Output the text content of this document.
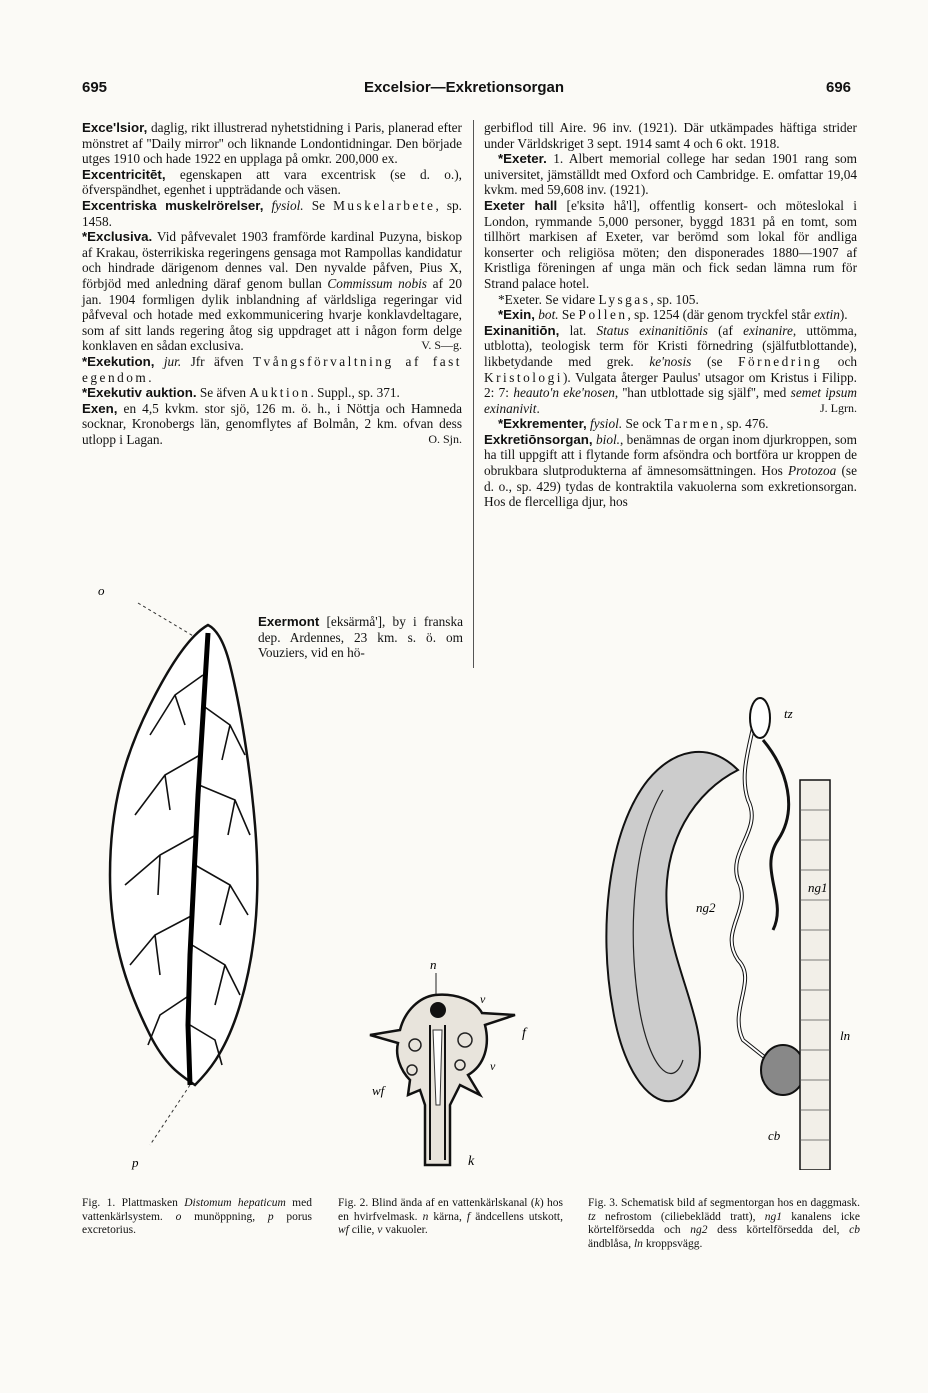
695	Excelsior—Exkretionsorgan	696

Exce'lsior, daglig, rikt illustrerad nyhetstidning i Paris, planerad efter mönstret af ''Daily mirror'' och liknande Londontidningar. Den började utges 1910 och hade 1922 en upplaga på omkr. 200,000 ex.

Excentricitēt, egenskapen att vara excentrisk (se d. o.), öfverspändhet, egenhet i uppträdande och väsen.

Excentriska muskelrörelser, fysiol. Se Muskelarbete, sp. 1458.

*Exclusiva. Vid påfvevalet 1903 framförde kardinal Puzyna, biskop af Krakau, österrikiska regeringens gensaga mot Rampollas kandidatur och hindrade därigenom dennes val. Den nyvalde påfven, Pius X, förbjöd med anledning däraf genom bullan Commissum nobis af 20 jan. 1904 formligen dylik inblandning af världsliga regeringar vid påfveval och hotade med exkommunicering hvarje konklavdeltagare, som af sitt lands regering åtog sig uppdraget att i någon form delge konklaven en sådan exclusiva.	V. S—g.

*Exekution, jur. Jfr äfven Tvångsförvaltning af fast egendom.

*Exekutiv auktion. Se äfven Auktion. Suppl., sp. 371.

Exen, en 4,5 kvkm. stor sjö, 126 m. ö. h., i Nöttja och Hamneda socknar, Kronobergs län, genomflytes af Bolmån, 2 km. ofvan dess utlopp i Lagan.	O. Sjn.

Exermont [eksärmå'], by i franska dep. Ardennes, 23 km. s. ö. om Vouziers, vid en hö-

gerbiflod till Aire. 96 inv. (1921). Där utkämpades häftiga strider under Världskriget 3 sept. 1914 samt 4 och 6 okt. 1918.

*Exeter. 1. Albert memorial college har sedan 1901 rang som universitet, jämställdt med Oxford och Cambridge. E. omfattar 19,04 kvkm. med 59,608 inv. (1921).

Exeter hall [e'ksitə hå'l], offentlig konsert- och möteslokal i London, rymmande 5,000 personer, byggd 1831 på en tomt, som tillhört markisen af Exeter, var berömd som lokal för andliga konserter och religiösa möten; den disponerades 1880—1907 af Kristliga föreningen af unga män och fick sedan lämna rum för Strand palace hotel.

*Exeter. Se vidare Lysgas, sp. 105.

*Exin, bot. Se Pollen, sp. 1254 (där genom tryckfel står extin).

Exinanitiōn, lat. Status exinanitiōnis (af exinanire, uttömma, utblotta), teologisk term för Kristi förnedring (själfutblottande), likbetydande med grek. ke'nosis (se Förnedring och Kristologi). Vulgata återger Paulus' utsagor om Kristus i Filipp. 2: 7: heauto'n eke'nosen, ''han utblottade sig själf'', med semet ipsum exinanivit.	J. Lgrn.

*Exkrementer, fysiol. Se ock Tarmen, sp. 476.

Exkretiōnsorgan, biol., benämnas de organ inom djurkroppen, som ha till uppgift att i flytande form afsöndra och bortföra ur kroppen de obrukbara slutprodukterna af ämnesomsättningen. Hos Protozoa (se d. o., sp. 429) tydas de kontraktila vakuolerna som exkretionsorgan. Hos de flercelliga djur, hos

o
p
n
v
f
v
wf
k
tz
ng1
ng2
ln
cb
Fig. 1. Plattmasken Distomum hepaticum med vattenkärlsystem. o munöppning, p porus excretorius.
Fig. 2. Blind ända af en vattenkärlskanal (k) hos en hvirfvelmask. n kärna, f ändcellens utskott, wf cilie, v vakuoler.
Fig. 3. Schematisk bild af segmentorgan hos en daggmask. tz nefrostom (ciliebeklädd tratt), ng1 kanalens icke körtelförsedda och ng2 dess körtelförsedda del, cb ändblåsa, ln kroppsvägg.
